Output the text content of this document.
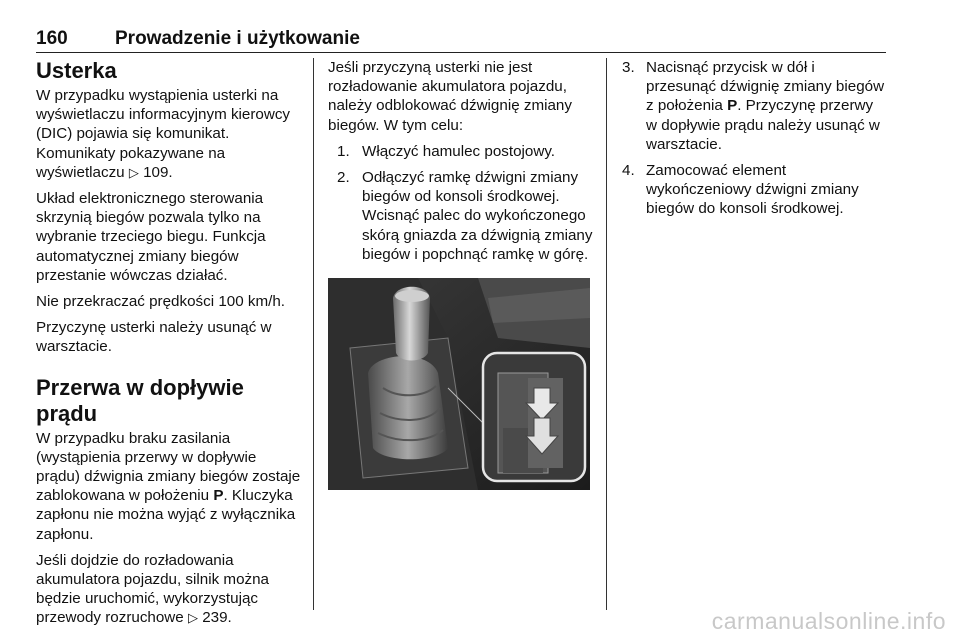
160 Prowadzenie i użytkowanie
Usterka

W przypadku wystąpienia usterki na wyświetlaczu informacyjnym kierowcy (DIC) pojawia się komunikat. Komunikaty pokazywane na wyświetlaczu ▷ 109.

Układ elektronicznego sterowania skrzynią biegów pozwala tylko na wybranie trzeciego biegu. Funkcja automatycznej zmiany biegów przestanie wówczas działać.

Nie przekraczać prędkości 100 km/h.

Przyczynę usterki należy usunąć w warsztacie.

Przerwa w dopływie prądu

W przypadku braku zasilania (wystąpienia przerwy w dopływie prądu) dźwignia zmiany biegów zostaje zablokowana w położeniu P. Kluczyka zapłonu nie można wyjąć z wyłącznika zapłonu.

Jeśli dojdzie do rozładowania akumulatora pojazdu, silnik można będzie uruchomić, wykorzystując przewody rozruchowe ▷ 239.

Jeśli przyczyną usterki nie jest rozładowanie akumulatora pojazdu, należy odblokować dźwignię zmiany biegów. W tym celu:

1. Włączyć hamulec postojowy.
2. Odłączyć ramkę dźwigni zmiany biegów od konsoli środkowej. Wcisnąć palec do wykończonego skórą gniazda za dźwignią zmiany biegów i popchnąć ramkę w górę.
3. Nacisnąć przycisk w dół i przesunąć dźwignię zmiany biegów z położenia P. Przyczynę przerwy w dopływie prądu należy usunąć w warsztacie.
4. Zamocować element wykończeniowy dźwigni zmiany biegów do konsoli środkowej.
carmanualsonline.info
